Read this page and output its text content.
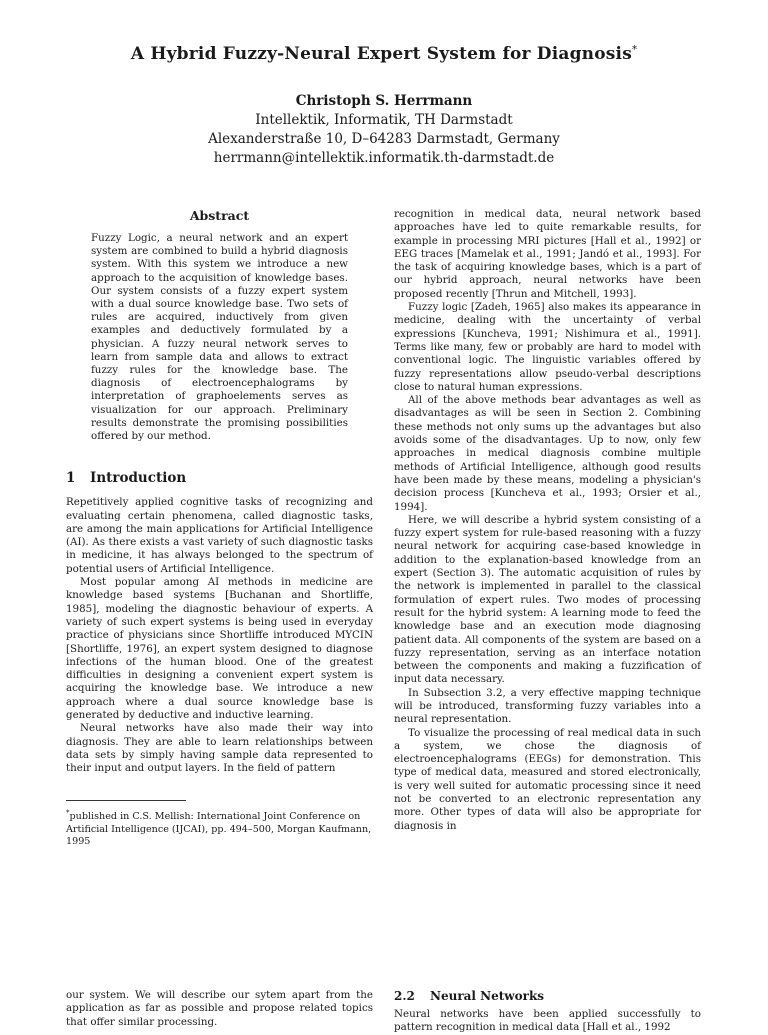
A Hybrid Fuzzy-Neural Expert System for Diagnosis*
Christoph S. Herrmann
Intellektik, Informatik, TH Darmstadt
Alexanderstraße 10, D–64283 Darmstadt, Germany
herrmann@intellektik.informatik.th-darmstadt.de
Abstract

Fuzzy Logic, a neural network and an expert system are combined to build a hybrid diagnosis system. With this system we introduce a new approach to the acquisition of knowledge bases. Our system consists of a fuzzy expert system with a dual source knowledge base. Two sets of rules are acquired, inductively from given examples and deductively formulated by a physician. A fuzzy neural network serves to learn from sample data and allows to extract fuzzy rules for the knowledge base. The diagnosis of electroencephalograms by interpretation of graphoelements serves as visualization for our approach. Preliminary results demonstrate the promising possibilities offered by our method.

1 Introduction

Repetitively applied cognitive tasks of recognizing and evaluating certain phenomena, called diagnostic tasks, are among the main applications for Artificial Intelligence (AI). As there exists a vast variety of such diagnostic tasks in medicine, it has always belonged to the spectrum of potential users of Artificial Intelligence.

Most popular among AI methods in medicine are knowledge based systems [Buchanan and Shortliffe, 1985], modeling the diagnostic behaviour of experts. A variety of such expert systems is being used in everyday practice of physicians since Shortliffe introduced MYCIN [Shortliffe, 1976], an expert system designed to diagnose infections of the human blood. One of the greatest difficulties in designing a convenient expert system is acquiring the knowledge base. We introduce a new approach where a dual source knowledge base is generated by deductive and inductive learning.

Neural networks have also made their way into diagnosis. They are able to learn relationships between data sets by simply having sample data represented to their input and output layers. In the field of pattern

*published in C.S. Mellish: International Joint Conference on Artificial Intelligence (IJCAI), pp. 494–500, Morgan Kaufmann, 1995

recognition in medical data, neural network based approaches have led to quite remarkable results, for example in processing MRI pictures [Hall et al., 1992] or EEG traces [Mamelak et al., 1991; Jandó et al., 1993]. For the task of acquiring knowledge bases, which is a part of our hybrid approach, neural networks have been proposed recently [Thrun and Mitchell, 1993].

Fuzzy logic [Zadeh, 1965] also makes its appearance in medicine, dealing with the uncertainty of verbal expressions [Kuncheva, 1991; Nishimura et al., 1991]. Terms like many, few or probably are hard to model with conventional logic. The linguistic variables offered by fuzzy representations allow pseudo-verbal descriptions close to natural human expressions.

All of the above methods bear advantages as well as disadvantages as will be seen in Section 2. Combining these methods not only sums up the advantages but also avoids some of the disadvantages. Up to now, only few approaches in medical diagnosis combine multiple methods of Artificial Intelligence, although good results have been made by these means, modeling a physician's decision process [Kuncheva et al., 1993; Orsier et al., 1994].

Here, we will describe a hybrid system consisting of a fuzzy expert system for rule-based reasoning with a fuzzy neural network for acquiring case-based knowledge in addition to the explanation-based knowledge from an expert (Section 3). The automatic acquisition of rules by the network is implemented in parallel to the classical formulation of expert rules. Two modes of processing result for the hybrid system: A learning mode to feed the knowledge base and an execution mode diagnosing patient data. All components of the system are based on a fuzzy representation, serving as an interface notation between the components and making a fuzzification of input data necessary.

In Subsection 3.2, a very effective mapping technique will be introduced, transforming fuzzy variables into a neural representation.

To visualize the processing of real medical data in such a system, we chose the diagnosis of electroencephalograms (EEGs) for demonstration. This type of medical data, measured and stored electronically, is very well suited for automatic processing since it need not be converted to an electronic representation any more. Other types of data will also be appropriate for diagnosis in

our system. We will describe our sytem apart from the application as far as possible and propose related topics that offer similar processing.
2.2 Neural Networks

Neural networks have been applied successfully to pattern recognition in medical data [Hall et al., 1992
